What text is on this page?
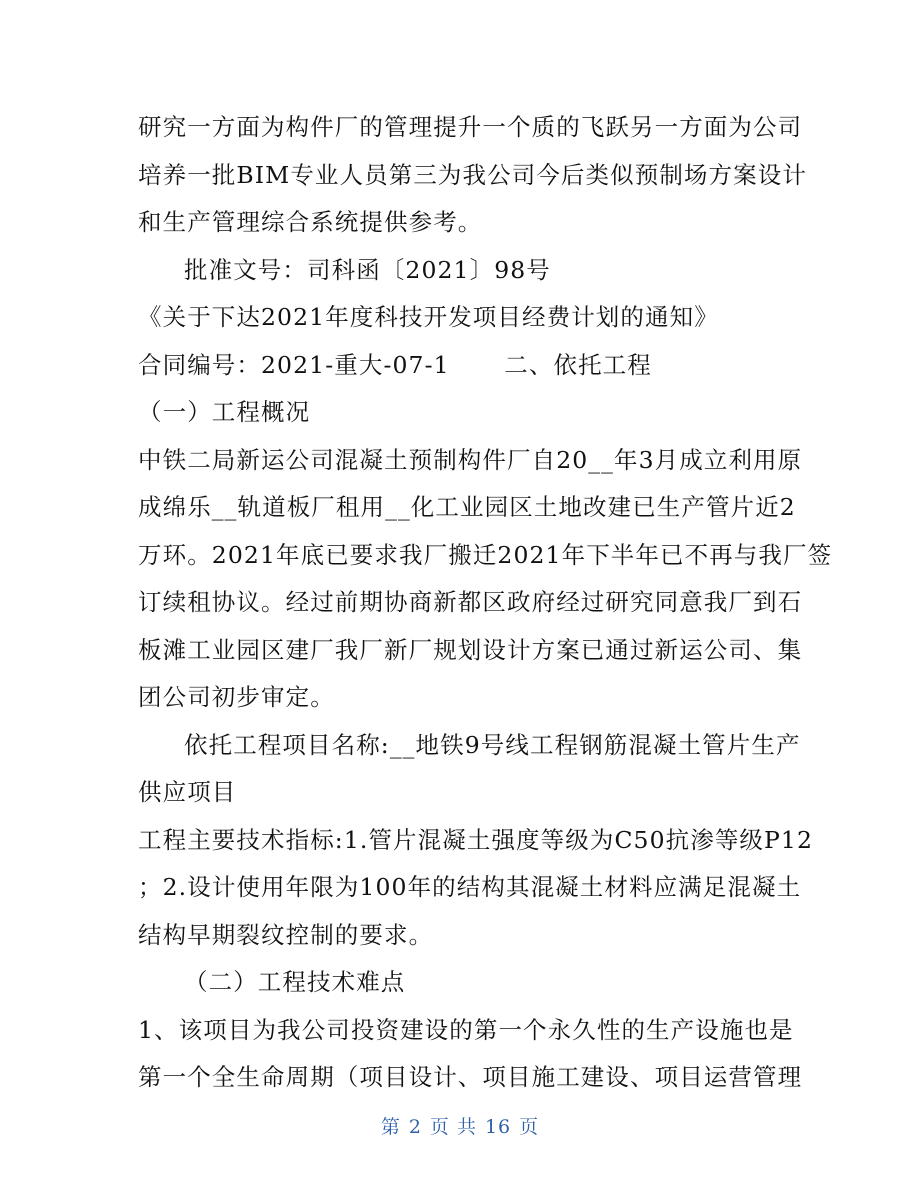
研究一方面为构件厂的管理提升一个质的飞跃另一方面为公司
培养一批BIM专业人员第三为我公司今后类似预制场方案设计
和生产管理综合系统提供参考。
批准文号：司科函〔2021〕98号
《关于下达2021年度科技开发项目经费计划的通知》
合同编号：2021-重大-07-1 二、依托工程
（一）工程概况
中铁二局新运公司混凝土预制构件厂自20__年3月成立利用原
成绵乐__轨道板厂租用__化工业园区土地改建已生产管片近2
万环。2021年底已要求我厂搬迁2021年下半年已不再与我厂签
订续租协议。经过前期协商新都区政府经过研究同意我厂到石
板滩工业园区建厂我厂新厂规划设计方案已通过新运公司、集
团公司初步审定。
依托工程项目名称:__地铁9号线工程钢筋混凝土管片生产
供应项目
工程主要技术指标:1.管片混凝土强度等级为C50抗渗等级P12
；2.设计使用年限为100年的结构其混凝土材料应满足混凝土
结构早期裂纹控制的要求。
（二）工程技术难点
1、该项目为我公司投资建设的第一个永久性的生产设施也是
第一个全生命周期（项目设计、项目施工建设、项目运营管理
第 2 页 共 16 页
